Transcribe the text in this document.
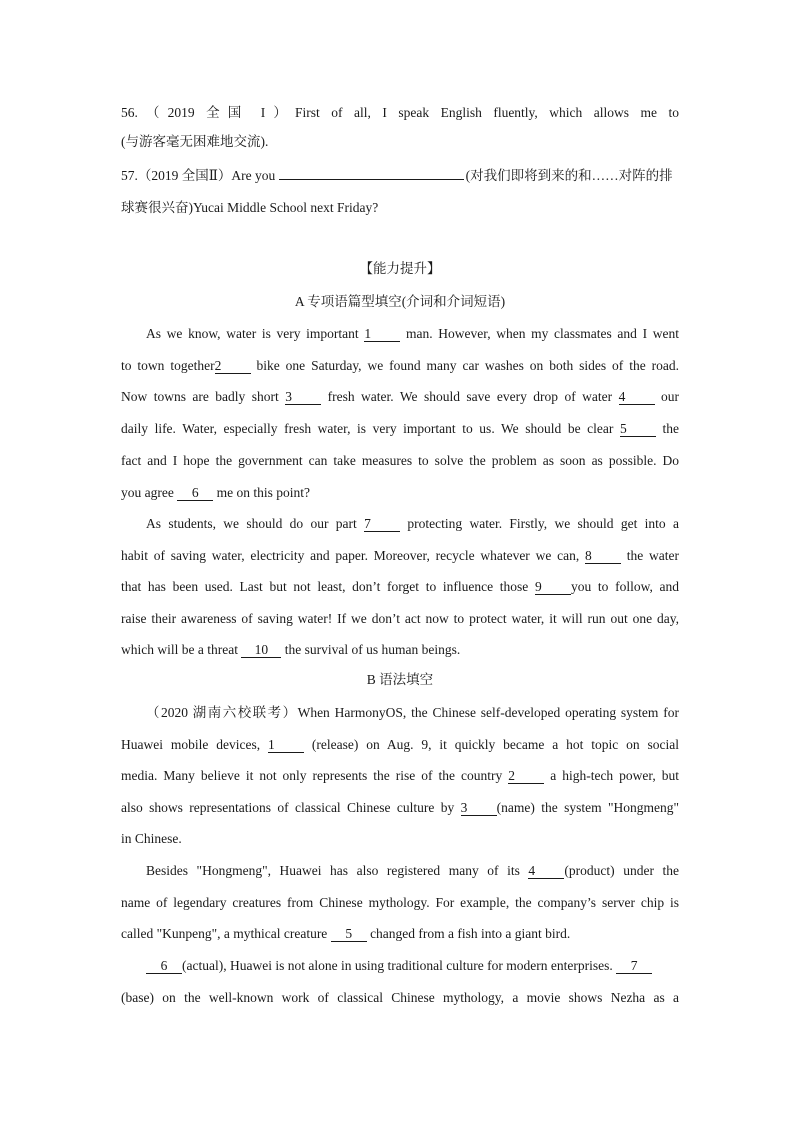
56.（2019 全国 I）First of all, I speak English fluently, which allows me to
(与游客毫无困难地交流).
57.（2019 全国Ⅱ）Are you	(对我们即将到来的和……对阵的排
球赛很兴奋)Yucai Middle School next Friday?
【能力提升】
A 专项语篇型填空(介词和介词短语)
As we know, water is very important 1 man. However, when my classmates and I went
to town together2 bike one Saturday, we found many car washes on both sides of the road.
Now towns are badly short 3 fresh water. We should save every drop of water 4 our
daily life. Water, especially fresh water, is very important to us. We should be clear 5 the
fact and I hope the government can take measures to solve the problem as soon as possible. Do
you agree 6 me on this point?
As students, we should do our part 7 protecting water. Firstly, we should get into a
habit of saving water, electricity and paper. Moreover, recycle whatever we can, 8 the water
that has been used. Last but not least, don’t forget to influence those 9 you to follow, and
raise their awareness of saving water! If we don’t act now to protect water, it will run out one day,
which will be a threat 10 the survival of us human beings.
B 语法填空
（2020 湖南六校联考）When HarmonyOS, the Chinese self-developed operating system for
Huawei mobile devices, 1 (release) on Aug. 9, it quickly became a hot topic on social
media. Many believe it not only represents the rise of the country 2 a high-tech power, but
also shows representations of classical Chinese culture by 3 (name) the system "Hongmeng"
in Chinese.
Besides "Hongmeng", Huawei has also registered many of its 4 (product) under the
name of legendary creatures from Chinese mythology. For example, the company’s server chip is
called "Kunpeng", a mythical creature 5 changed from a fish into a giant bird.
6 (actual), Huawei is not alone in using traditional culture for modern enterprises. 7
(base) on the well-known work of classical Chinese mythology, a movie shows Nezha as a
